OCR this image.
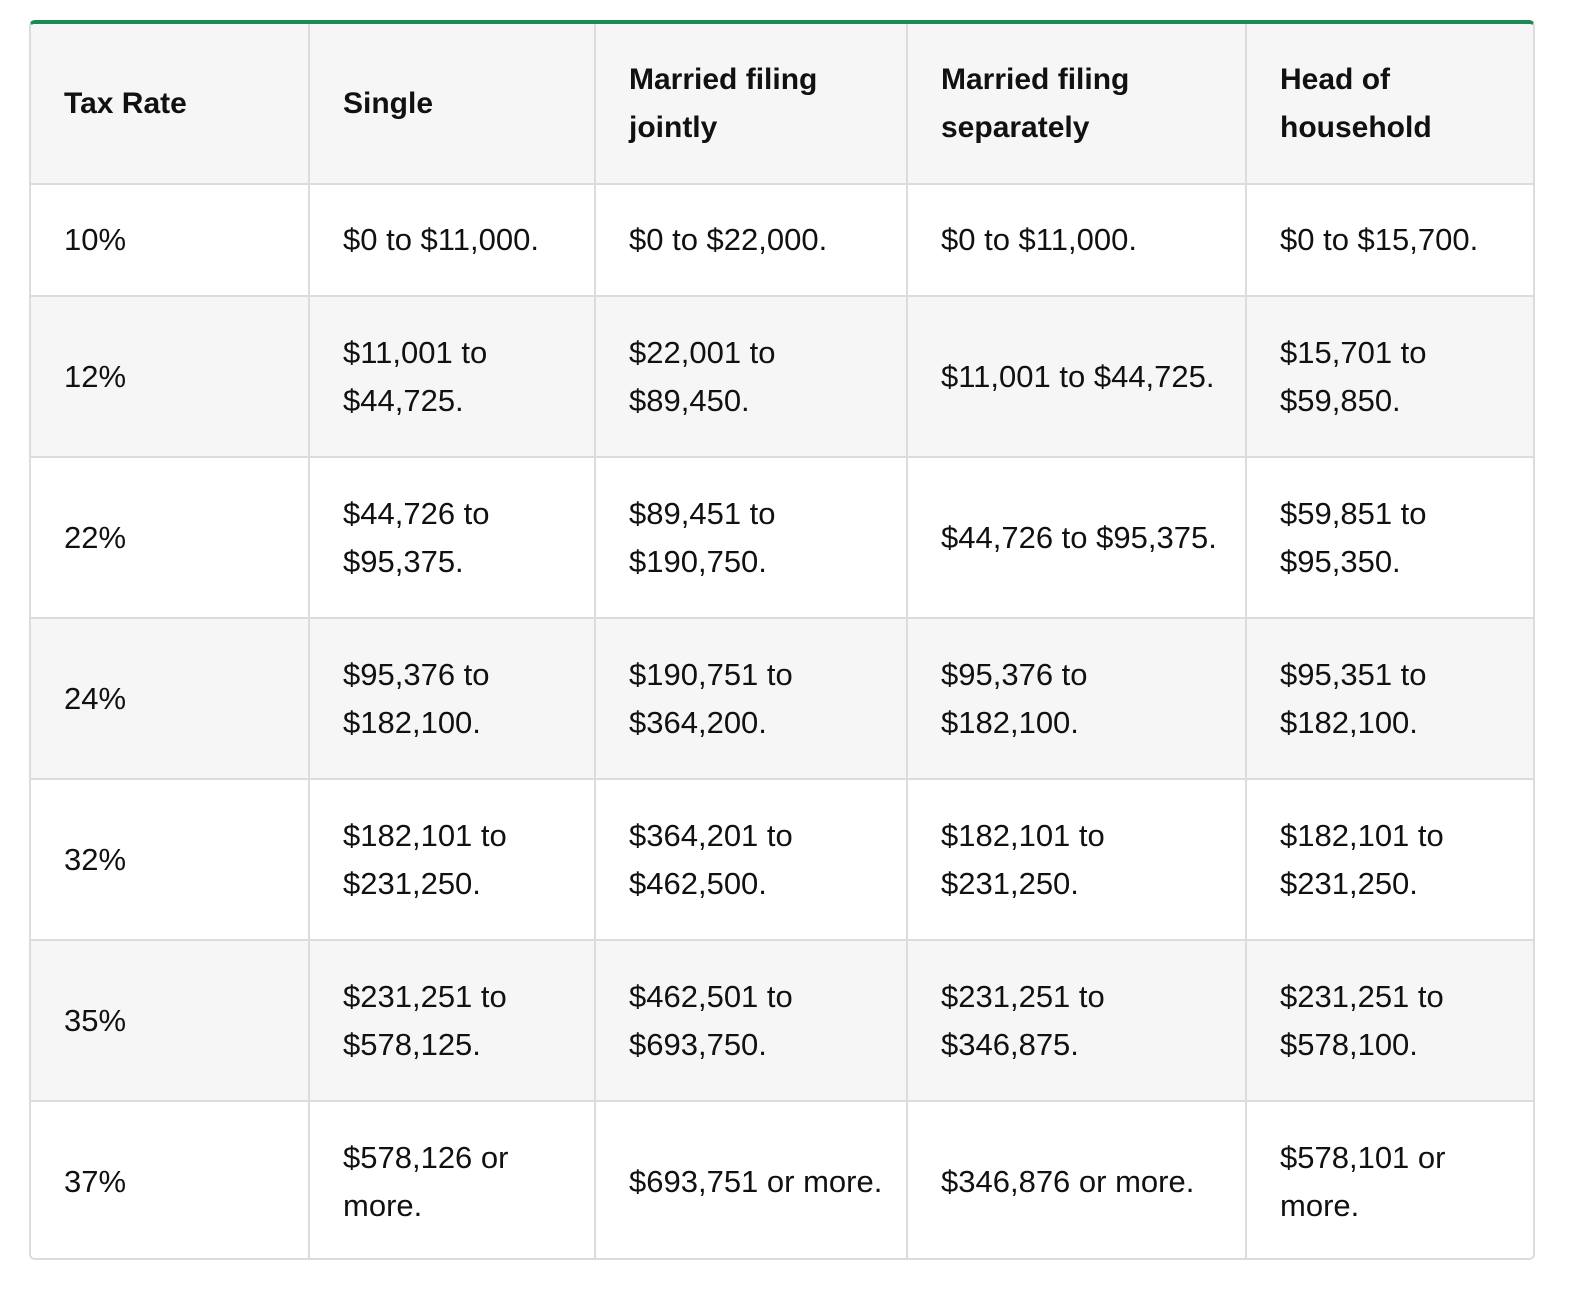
Tax Rate	Single	Married filing jointly	Married filing separately	Head of household
10%	$0 to $11,000.	$0 to $22,000.	$0 to $11,000.	$0 to $15,700.
12%	$11,001 to $44,725.	$22,001 to $89,450.	$11,001 to $44,725.	$15,701 to $59,850.
22%	$44,726 to $95,375.	$89,451 to $190,750.	$44,726 to $95,375.	$59,851 to $95,350.
24%	$95,376 to $182,100.	$190,751 to $364,200.	$95,376 to $182,100.	$95,351 to $182,100.
32%	$182,101 to $231,250.	$364,201 to $462,500.	$182,101 to $231,250.	$182,101 to $231,250.
35%	$231,251 to $578,125.	$462,501 to $693,750.	$231,251 to $346,875.	$231,251 to $578,100.
37%	$578,126 or more.	$693,751 or more.	$346,876 or more.	$578,101 or more.
